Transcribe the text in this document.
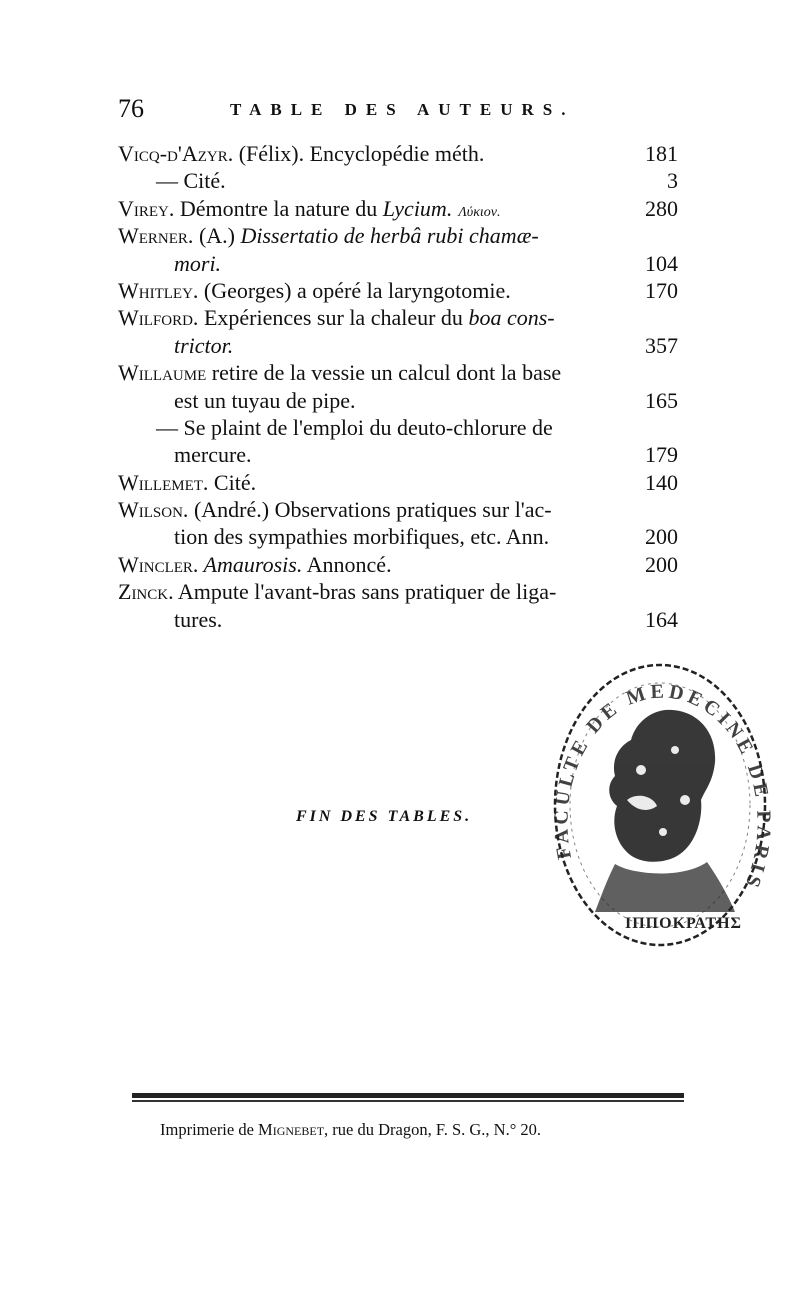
76	TABLE DES AUTEURS.
Vicq-d'Azyr. (Félix). Encyclopédie méth.	181
— Cité.	3
Virey. Démontre la nature du Lycium. Λύκιον.	280
Werner. (A.) Dissertatio de herbâ rubi chamæ-
mori.	104
Whitley. (Georges) a opéré la laryngotomie.	170
Wilford. Expériences sur la chaleur du boa cons-
trictor.	357
Willaume retire de la vessie un calcul dont la base
est un tuyau de pipe.	165
— Se plaint de l'emploi du deuto-chlorure de
mercure.	179
Willemet. Cité.	140
Wilson. (André.) Observations pratiques sur l'ac-
tion des sympathies morbifiques, etc. Ann.	200
Wincler. Amaurosis. Annoncé.	200
Zinck. Ampute l'avant-bras sans pratiquer de liga-
tures.	164
FIN DES TABLES.
FACULTE DE MEDECINE DE PARIS
ΙΠΠΟΚΡΑΤΗΣ
Imprimerie de Mignebet, rue du Dragon, F. S. G., N.° 20.
